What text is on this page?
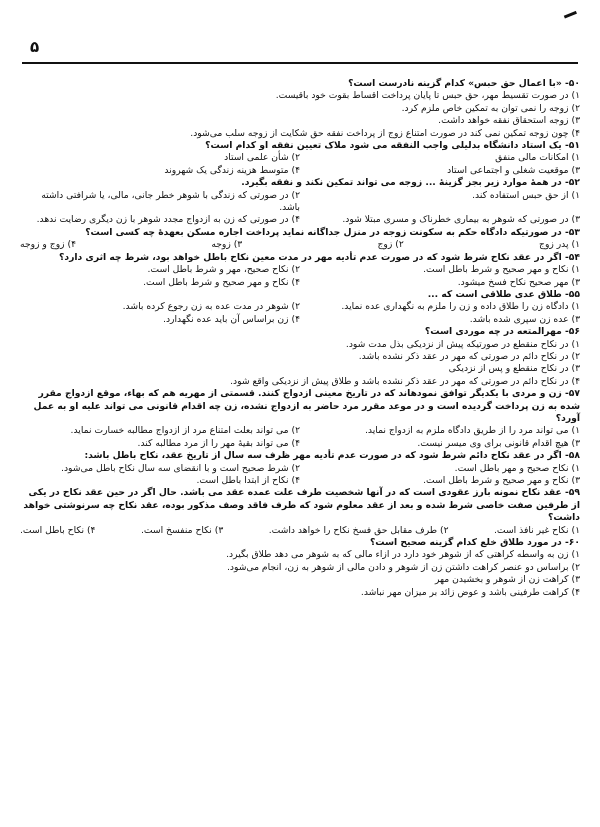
۵
۵۰- «با اعمال حق حبس» کدام گزینه نادرست است؟
۱) در صورت تقسیط مهر، حق حبس تا پایان پرداخت اقساط بقوت خود باقیست.
۲) زوجه را نمی توان به تمکین خاص ملزم کرد.
۳) زوجه استحقاق نفقه خواهد داشت.
۴) چون زوجه تمکین نمی کند در صورت امتناع زوج از پرداخت نفقه حق شکایت از زوجه سلب می‌شود.
۵۱- یک استاد دانشگاه بدلیلی واجب النفقه می شود ملاک تعیین نفقه او کدام است؟
۱) امکانات مالی منفق
۲) شأن علمی استاد
۳) موقعیت شغلی و اجتماعی استاد
۴) متوسط هزینه زندگی یک شهروند
۵۲- در همهٔ موارد زیر بجز گزینهٔ ... زوجه می تواند تمکین نکند و نفقه بگیرد.
۱) از حق حبس استفاده کند.
۲) در صورتی که زندگی با شوهر خطر جانی، مالی، یا شرافتی داشته باشد.
۳) در صورتی که شوهر به بیماری خطرناک و مسری مبتلا شود.
۴) در صورتی که زن به ازدواج مجدد شوهر با زن دیگری رضایت ندهد.
۵۳- در صورتیکه دادگاه حکم به سکونت زوجه در منزل جداگانه نماید پرداخت اجاره مسکن بعهدهٔ چه کسی است؟
۱) پدر زوج
۲) زوج
۳) زوجه
۴) زوج و زوجه
۵۴- اگر در عقد نکاح شرط شود که در صورت عدم تأدیه مهر در مدت معین نکاح باطل خواهد بود، شرط چه اثری دارد؟
۱) نکاح و مهر صحیح و شرط باطل است.
۲) نکاح صحیح، مهر و شرط باطل است.
۳) مهر صحیح نکاح فسخ میشود.
۴) نکاح و مهر صحیح و شرط باطل است.
۵۵- طلاق عدی طلاقی است که ...
۱) دادگاه زن را طلاق داده و زن را ملزم به نگهداری عده نماید.
۲) شوهر در مدت عده به زن رجوع کرده باشد.
۳) عده زن سپری شده باشد.
۴) زن براساس آن باید عده نگهدارد.
۵۶- مهرالمتعه در چه موردی است؟
۱) در نکاح منقطع در صورتیکه پیش از نزدیکی بذل مدت شود.
۲) در نکاح دائم در صورتی که مهر در عقد ذکر نشده باشد.
۳) در نکاح منقطع و پس از نزدیکی
۴) در نکاح دائم در صورتی که مهر در عقد ذکر نشده باشد و طلاق پیش از نزدیکی واقع شود.
۵۷- زن و مردی با یکدیگر توافق نمودهاند که در تاریخ معینی ازدواج کنند. قسمتی از مهریه هم که بهاء، موقع ازدواج مقرر شده به زن پرداخت گردیده است و در موعد مقرر مرد حاضر به ازدواج نشده، زن چه اقدام قانونی می تواند علیه او به عمل آورد؟
۱) می تواند مرد را از طریق دادگاه ملزم به ازدواج نماید.
۲) می تواند بعلت امتناع مرد از ازدواج مطالبه خسارت نماید.
۳) هیچ اقدام قانونی برای وی میسر نیست.
۴) می تواند بقیهٔ مهر را از مرد مطالبه کند.
۵۸- اگر در عقد نکاح دائم شرط شود که در صورت عدم تأدیه مهر ظرف سه سال از تاریخ عقد، نکاح باطل باشد:
۱) نکاح صحیح و مهر باطل است.
۲) شرط صحیح است و با انقضای سه سال نکاح باطل می‌شود.
۳) نکاح و مهر صحیح و شرط باطل است.
۴) نکاح از ابتدا باطل است.
۵۹- عقد نکاح نمونه بارز عقودی است که در آنها شخصیت طرف علت عمده عقد می باشد. حال اگر در حین عقد نکاح در یکی از طرفین صفت خاصی شرط شده و بعد از عقد معلوم شود که طرف فاقد وصف مذکور بوده، عقد نکاح چه سرنوشتی خواهد داشت؟
۱) نکاح غیر نافذ است.
۲) طرف مقابل حق فسخ نکاح را خواهد داشت.
۳) نکاح منفسخ است.
۴) نکاح باطل است.
۶۰- در مورد طلاق خلع کدام گزینه صحیح است؟
۱) زن به واسطه کراهتی که از شوهر خود دارد در ازاء مالی که به شوهر می دهد طلاق بگیرد.
۲) براساس دو عنصر کراهت داشتن زن از شوهر و دادن مالی از شوهر به زن، انجام می‌شود.
۳) کراهت زن از شوهر و بخشیدن مهر
۴) کراهت طرفینی باشد و عوض زائد بر میزان مهر نباشد.
